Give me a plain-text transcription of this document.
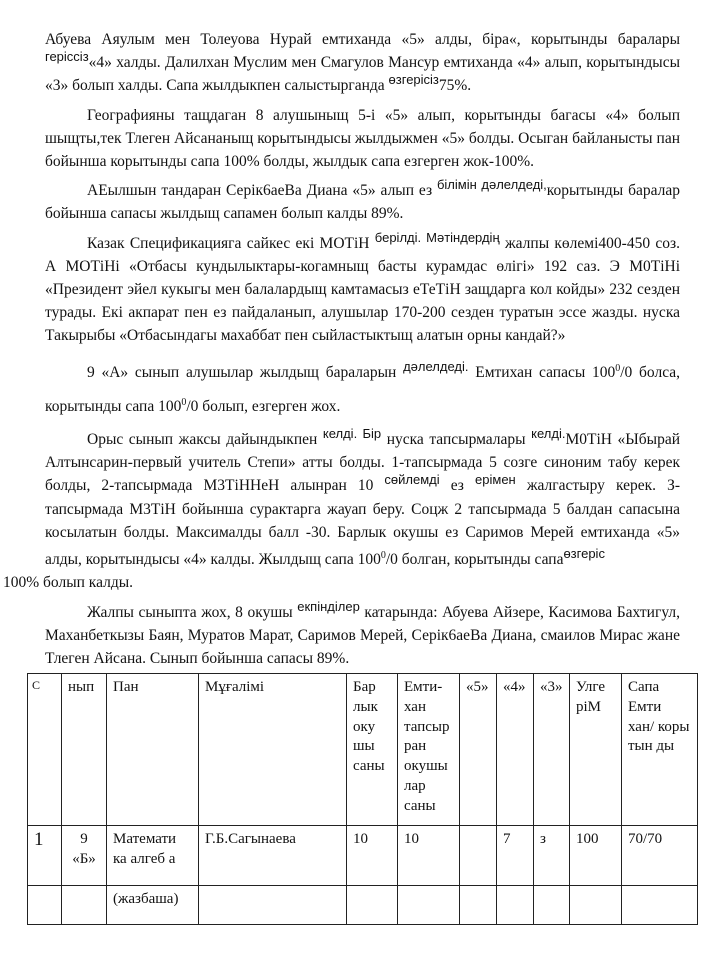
Абуева Аяулым мен Толеуова Нурай емтиханда «5» алды, біра«, корытынды баралары $^{геріссіз}$«4» халды. Далилхан Муслим мен Смагулов Мансур емтиханда «4» алып, корытындысы «3» болып халды. Сапа жылдыкпен салыстырганда $^{өзгерісіз}$75%.

Географияны тащдаган 8 алушыныщ 5-і «5» алып, корытынды багасы «4» болып шыщты,тек Тлеген Айсананыщ корытындысы жылдыжмен «5» болды. Осыган байланысты пан бойынша корытынды сапа 100% болды, жылдык сапа езгерген жок-100%.

АЕылшын тандаран Серік6аеВа Диана «5» алып ез $^{білімін дәлелдеді,}$корытынды баралар бойынша сапасы жылдыщ сапамен болып калды 89%.

Казак Спецификацияга сайкес екі МОТіН $^{берілді. Мәтіндердің}$ жалпы көлемі400-450 соз. А МОТіНі «Отбасы кундылыктары-когамныщ басты курамдас өлігі» 192 саз. Э М0ТіНі «Президент эйел кукыгы мен балалардыщ камтамасыз еТеТіН защдарга кол койды» 232 сезден турады. Екі акпарат пен ез пайдаланып, алушылар 170-200 сезден туратын эссе жазды. нуска Такырыбы «Отбасындагы махаббат пен сыйластыктыщ алатын орны кандай?»

9 «А» сынып алушылар жылдыщ бараларын $^{дәлелдеді.}$ Емтихан сапасы $100^0/0$ болса, корытынды сапа $100^0/0$ болып, езгерген жох.

Орыс сынып жаксы дайындыкпен $^{келді. Бір}$ нуска тапсырмалары $^{келді.}$М0ТіН «Ыбырай Алтынсарин-первый учитель Степи» атты болды. 1-тапсырмада 5 созге синоним табу керек болды, 2-тапсырмада М3ТіННеН алынран 10 $^{сөйлемді}$ ез $^{ерімен}$ жалгастыру керек. З-тапсырмада М3ТіН бойынша сурактарга жауап беру. Соцж 2 тапсырмада 5 балдан сапасына косылатын болды. Максималды балл -30. Барлык окушы ез Саримов Мерей емтиханда «5» алды, корытындысы «4» калды. Жылдыщ сапа $100^0/0$ болган, корытынды сапа$^{өзгеріс}$
100% болып калды.

Жалпы сыныпта жох, 8 окушы $^{екпінділер}$ катарында: Абуева Айзере, Касимова Бахтигул, Маханбеткызы Баян, Муратов Марат, Саримов Мерей, Серік6аеВа Диана, смаилов Мирас жане Тлеген Айсана. Сынып бойынша сапасы 89%.

С	нып	Пан	Мұғалімі	Бар лык оку шы саны	Емти- хан тапсыр ран окушы лар саны	«5»	«4»	«3»	Улге ріМ	Сапа Емти хан/ коры тын ды
1	9 «Б»	Математи ка алгеб а	Г.Б.Сагынаева	10	10		7	з	100	70/70
		(жазбаша)								
